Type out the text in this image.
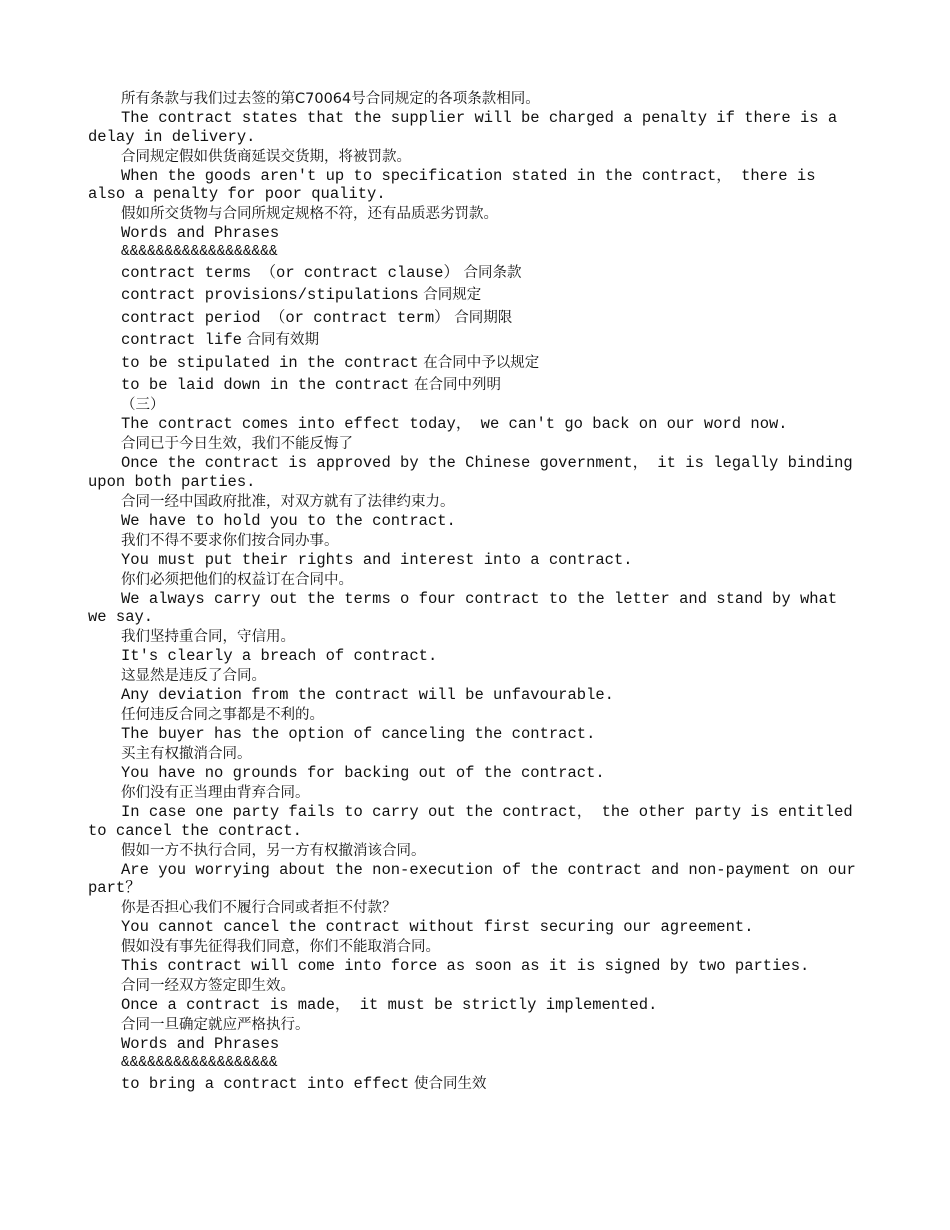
所有条款与我们过去签的第C70064号合同规定的各项条款相同。
The contract states that the supplier will be charged a penalty if there is a delay in delivery.
合同规定假如供货商延误交货期，将被罚款。
When the goods aren't up to specification stated in the contract， there is also a penalty for poor quality.
假如所交货物与合同所规定规格不符，还有品质恶劣罚款。
Words and Phrases
&&&&&&&&&&&&&&&&&&
contract terms （or contract clause） 合同条款
contract provisions/stipulations 合同规定
contract period （or contract term） 合同期限
contract life 合同有效期
to be stipulated in the contract 在合同中予以规定
to be laid down in the contract 在合同中列明
（三）
The contract comes into effect today， we can't go back on our word now.
合同已于今日生效，我们不能反悔了
Once the contract is approved by the Chinese government， it is legally binding upon both parties.
合同一经中国政府批准，对双方就有了法律约束力。
We have to hold you to the contract.
我们不得不要求你们按合同办事。
You must put their rights and interest into a contract.
你们必须把他们的权益订在合同中。
We always carry out the terms o four contract to the letter and stand by what we say.
我们坚持重合同，守信用。
It's clearly a breach of contract.
这显然是违反了合同。
Any deviation from the contract will be unfavourable.
任何违反合同之事都是不利的。
The buyer has the option of canceling the contract.
买主有权撤消合同。
You have no grounds for backing out of the contract.
你们没有正当理由背弃合同。
In case one party fails to carry out the contract， the other party is entitled to cancel the contract.
假如一方不执行合同，另一方有权撤消该合同。
Are you worrying about the non-execution of the contract and non-payment on our part？
你是否担心我们不履行合同或者拒不付款？
You cannot cancel the contract without first securing our agreement.
假如没有事先征得我们同意，你们不能取消合同。
This contract will come into force as soon as it is signed by two parties.
合同一经双方签定即生效。
Once a contract is made， it must be strictly implemented.
合同一旦确定就应严格执行。
Words and Phrases
&&&&&&&&&&&&&&&&&&
to bring a contract into effect 使合同生效
